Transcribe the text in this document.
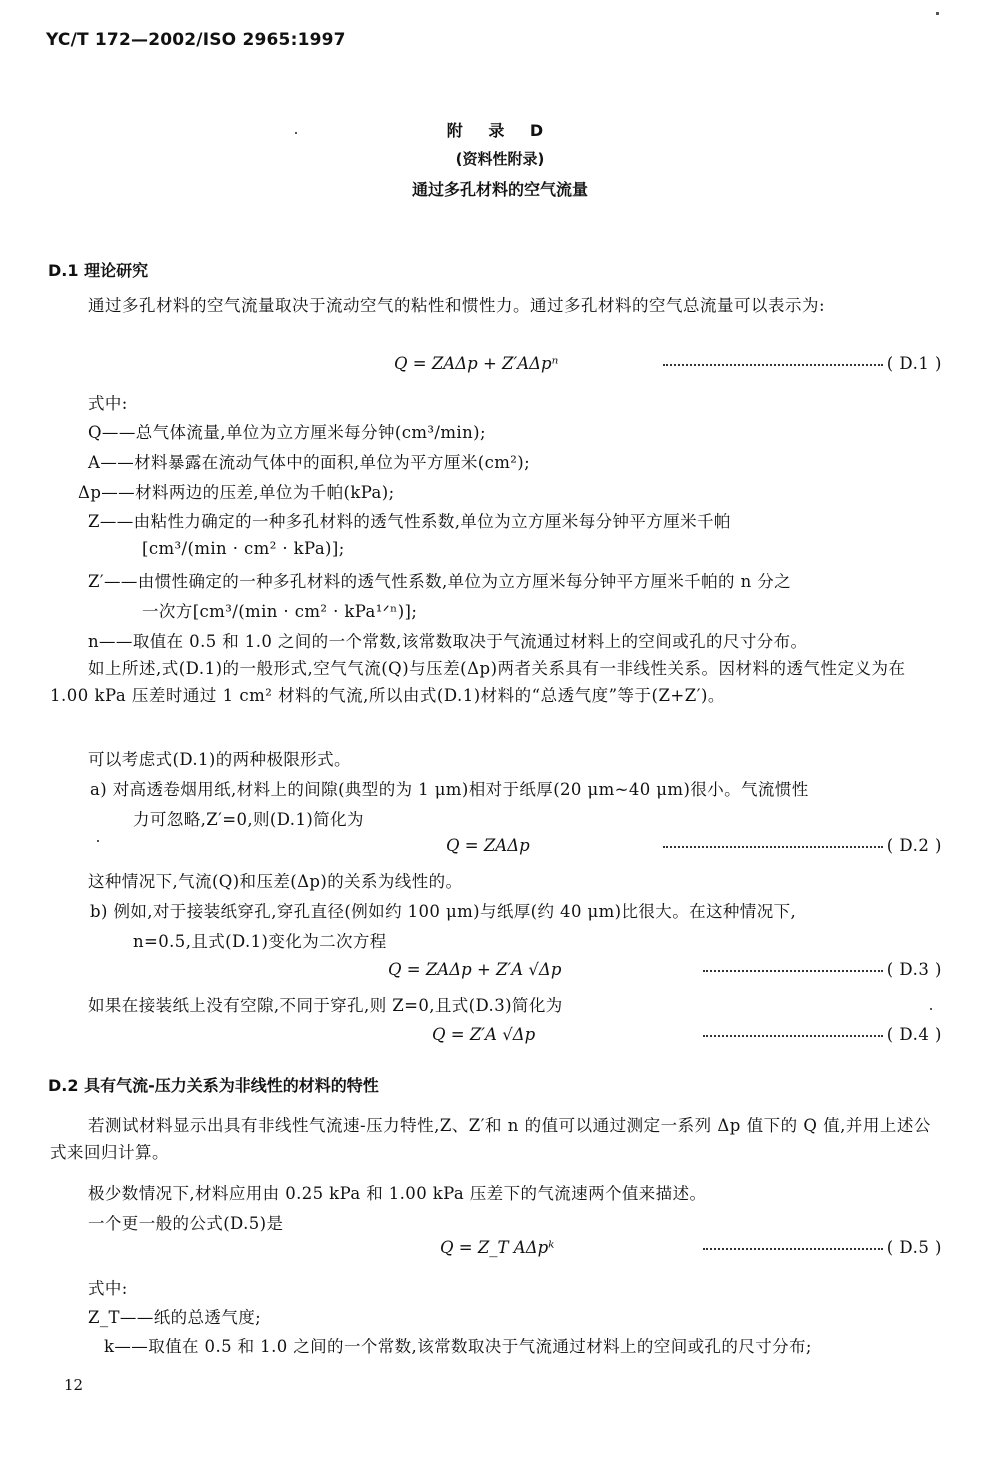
YC/T 172—2002/ISO 2965:1997
附 录 D
(资料性附录)
通过多孔材料的空气流量
D.1 理论研究
通过多孔材料的空气流量取决于流动空气的粘性和惯性力。通过多孔材料的空气总流量可以表示为:
Q = ZAΔp + Z′AΔpⁿ	( D.1 )
式中:
Q——总气体流量,单位为立方厘米每分钟(cm³/min);
A——材料暴露在流动气体中的面积,单位为平方厘米(cm²);
Δp——材料两边的压差,单位为千帕(kPa);
Z——由粘性力确定的一种多孔材料的透气性系数,单位为立方厘米每分钟平方厘米千帕
[cm³/(min · cm² · kPa)];
Z′——由惯性确定的一种多孔材料的透气性系数,单位为立方厘米每分钟平方厘米千帕的 n 分之
一次方[cm³/(min · cm² · kPa¹ᐟⁿ)];
n——取值在 0.5 和 1.0 之间的一个常数,该常数取决于气流通过材料上的空间或孔的尺寸分布。
如上所述,式(D.1)的一般形式,空气气流(Q)与压差(Δp)两者关系具有一非线性关系。因材料的透气性定义为在 1.00 kPa 压差时通过 1 cm² 材料的气流,所以由式(D.1)材料的“总透气度”等于(Z+Z′)。
可以考虑式(D.1)的两种极限形式。
a) 对高透卷烟用纸,材料上的间隙(典型的为 1 μm)相对于纸厚(20 μm~40 μm)很小。气流惯性
力可忽略,Z′=0,则(D.1)简化为
Q = ZAΔp	( D.2 )
这种情况下,气流(Q)和压差(Δp)的关系为线性的。
b) 例如,对于接装纸穿孔,穿孔直径(例如约 100 μm)与纸厚(约 40 μm)比很大。在这种情况下,
n=0.5,且式(D.1)变化为二次方程
Q = ZAΔp + Z′A √Δp	( D.3 )
如果在接装纸上没有空隙,不同于穿孔,则 Z=0,且式(D.3)简化为
Q = Z′A √Δp	( D.4 )
D.2 具有气流-压力关系为非线性的材料的特性
若测试材料显示出具有非线性气流速-压力特性,Z、Z′和 n 的值可以通过测定一系列 Δp 值下的 Q 值,并用上述公式来回归计算。
极少数情况下,材料应用由 0.25 kPa 和 1.00 kPa 压差下的气流速两个值来描述。
一个更一般的公式(D.5)是
Q = Z_T AΔpᵏ	( D.5 )
式中:
Z_T——纸的总透气度;
k——取值在 0.5 和 1.0 之间的一个常数,该常数取决于气流通过材料上的空间或孔的尺寸分布;
12
